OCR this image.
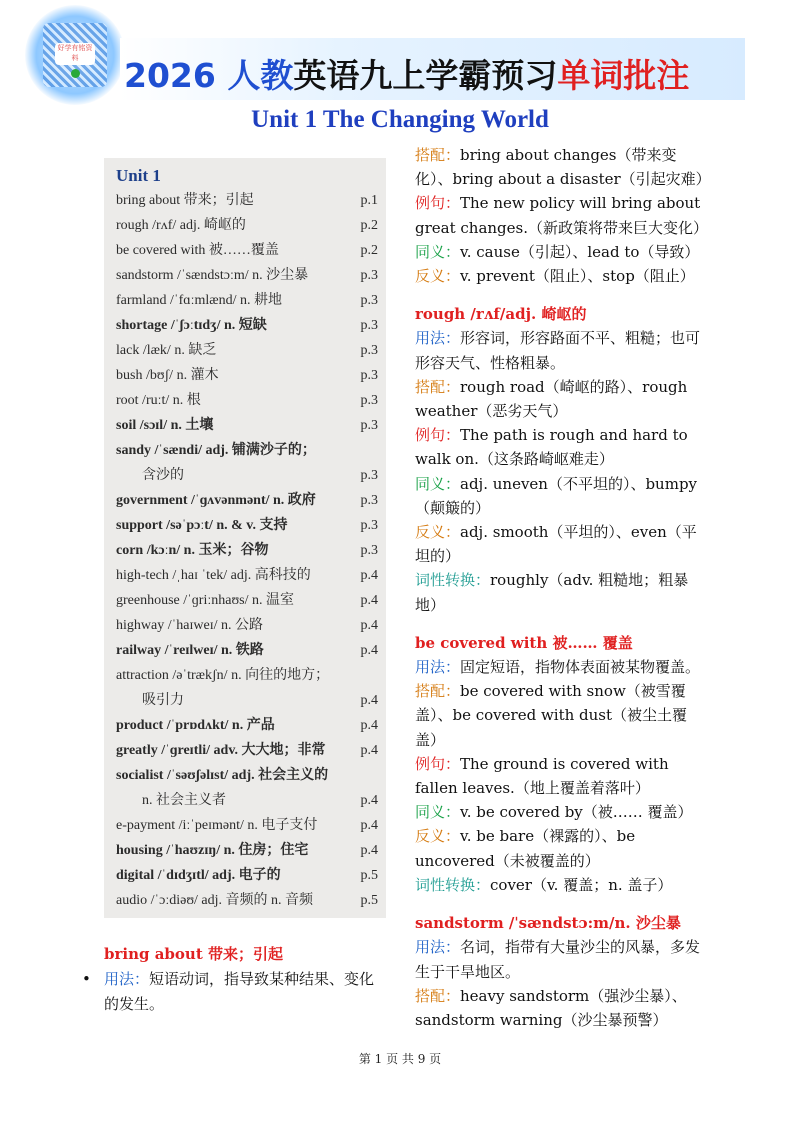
好学有铭资料	2026 人教英语九上学霸预习单词批注
Unit 1 The Changing World
Unit 1
bring about 带来；引起	p.1
rough /rʌf/ adj. 崎岖的	p.2
be covered with 被……覆盖	p.2
sandstorm /ˈsændstɔːm/ n. 沙尘暴	p.3
farmland /ˈfɑːmlænd/ n. 耕地	p.3
shortage /ˈʃɔːtɪdʒ/ n. 短缺	p.3
lack /læk/ n. 缺乏	p.3
bush /bʊʃ/ n. 灌木	p.3
root /ruːt/ n. 根	p.3
soil /sɔɪl/ n. 土壤	p.3
sandy /ˈsændi/ adj. 铺满沙子的；
含沙的	p.3
government /ˈɡʌvənmənt/ n. 政府	p.3
support /səˈpɔːt/ n. & v. 支持	p.3
corn /kɔːn/ n. 玉米；谷物	p.3
high-tech /ˌhaɪ ˈtek/ adj. 高科技的	p.4
greenhouse /ˈɡriːnhaʊs/ n. 温室	p.4
highway /ˈhaɪweɪ/ n. 公路	p.4
railway /ˈreɪlweɪ/ n. 铁路	p.4
attraction /əˈtrækʃn/ n. 向往的地方；
吸引力	p.4
product /ˈprɒdʌkt/ n. 产品	p.4
greatly /ˈɡreɪtli/ adv. 大大地；非常	p.4
socialist /ˈsəʊʃəlɪst/ adj. 社会主义的
n. 社会主义者	p.4
e-payment /iːˈpeɪmənt/ n. 电子支付	p.4
housing /ˈhaʊzɪŋ/ n. 住房；住宅	p.4
digital /ˈdɪdʒɪtl/ adj. 电子的	p.5
audio /ˈɔːdiəʊ/ adj. 音频的 n. 音频	p.5
bring about 带来；引起
用法：短语动词，指导致某种结果、变化的发生。
搭配：bring about changes（带来变化）、bring about a disaster（引起灾难）
例句：The new policy will bring about great changes.（新政策将带来巨大变化）
同义：v. cause（引起）、lead to（导致）
反义：v. prevent（阻止）、stop（阻止）
rough /rʌf/adj. 崎岖的
用法：形容词，形容路面不平、粗糙；也可形容天气、性格粗暴。
搭配：rough road（崎岖的路）、rough weather（恶劣天气）
例句：The path is rough and hard to walk on.（这条路崎岖难走）
同义：adj. uneven（不平坦的）、bumpy（颠簸的）
反义：adj. smooth（平坦的）、even（平坦的）
词性转换：roughly（adv. 粗糙地；粗暴地）
be covered with 被…… 覆盖
用法：固定短语，指物体表面被某物覆盖。
搭配：be covered with snow（被雪覆盖）、be covered with dust（被尘土覆盖）
例句：The ground is covered with fallen leaves.（地上覆盖着落叶）
同义：v. be covered by（被…… 覆盖）
反义：v. be bare（裸露的）、be uncovered（未被覆盖的）
词性转换：cover（v. 覆盖；n. 盖子）
sandstorm /ˈsændstɔ:m/n. 沙尘暴
用法：名词，指带有大量沙尘的风暴，多发生于干旱地区。
搭配：heavy sandstorm（强沙尘暴）、sandstorm warning（沙尘暴预警）
第 1 页 共 9 页
